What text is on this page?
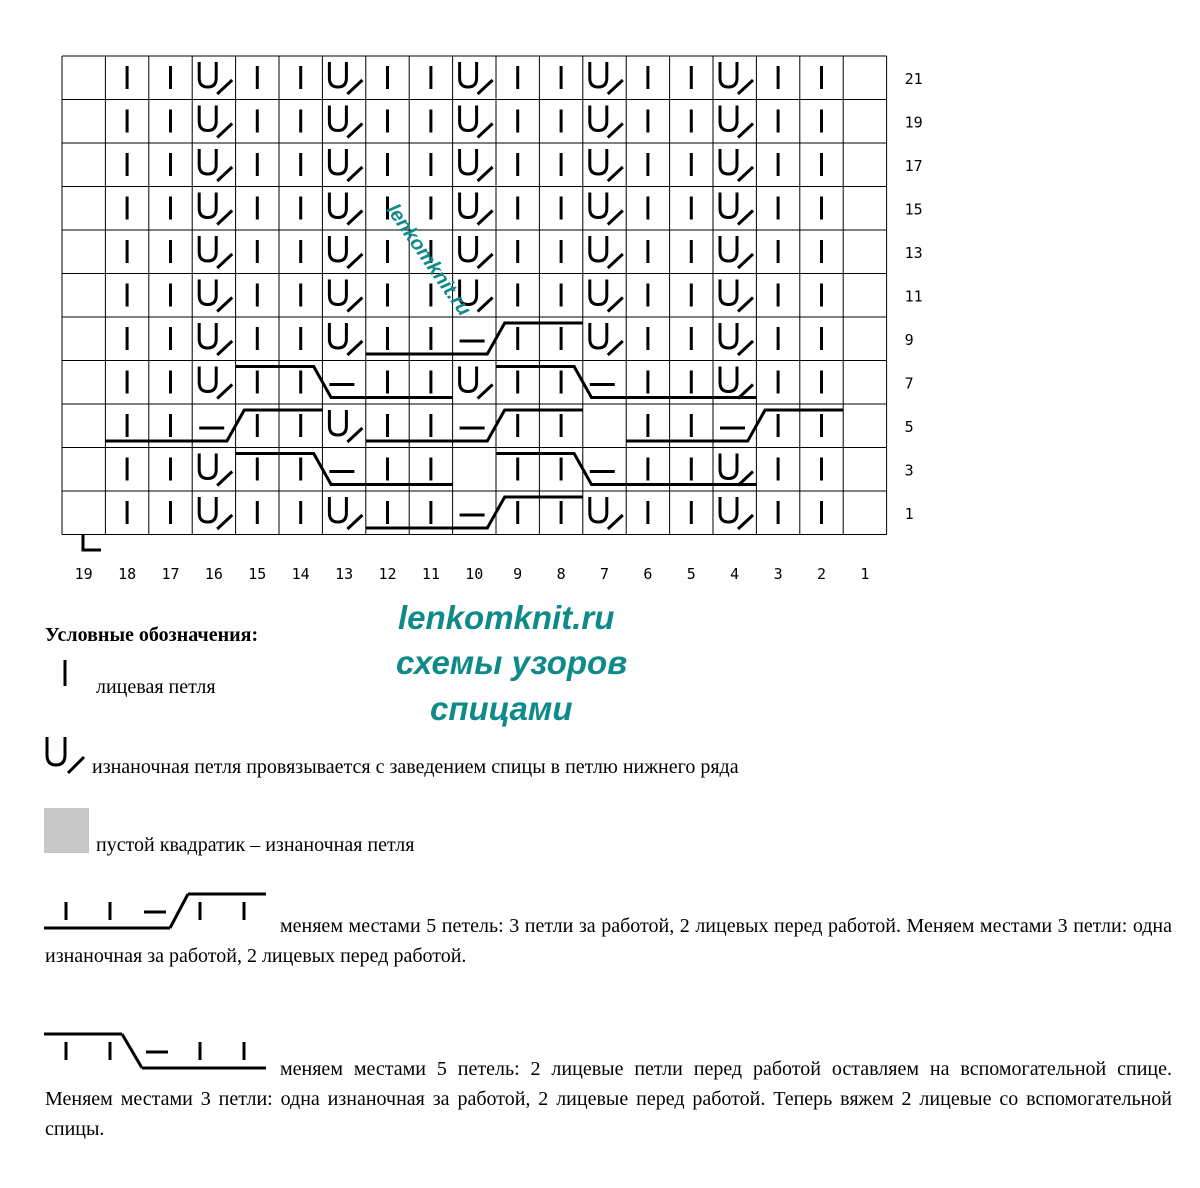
21
19
17
15
13
11
9
7
5
3
1
19 18 17 16 15 14 13 12 11 10 9 8 7 6 5 4 3 2 1
lenkomknit.ru
lenkomknit.ru
схемы узоров
спицами
Условные обозначения:
лицевая петля
изнаночная петля провязывается с заведением спицы в петлю нижнего ряда
пустой квадратик – изнаночная петля
меняем местами 5 петель: 3 петли за работой, 2 лицевых перед работой. Меняем местами 3 петли: одна изнаночная за работой, 2 лицевых перед работой.
меняем местами 5 петель: 2 лицевые петли перед работой оставляем на вспомогательной спице. Меняем местами 3 петли: одна изнаночная за работой, 2 лицевые перед работой. Теперь вяжем 2 лицевые со вспомогательной спицы.
